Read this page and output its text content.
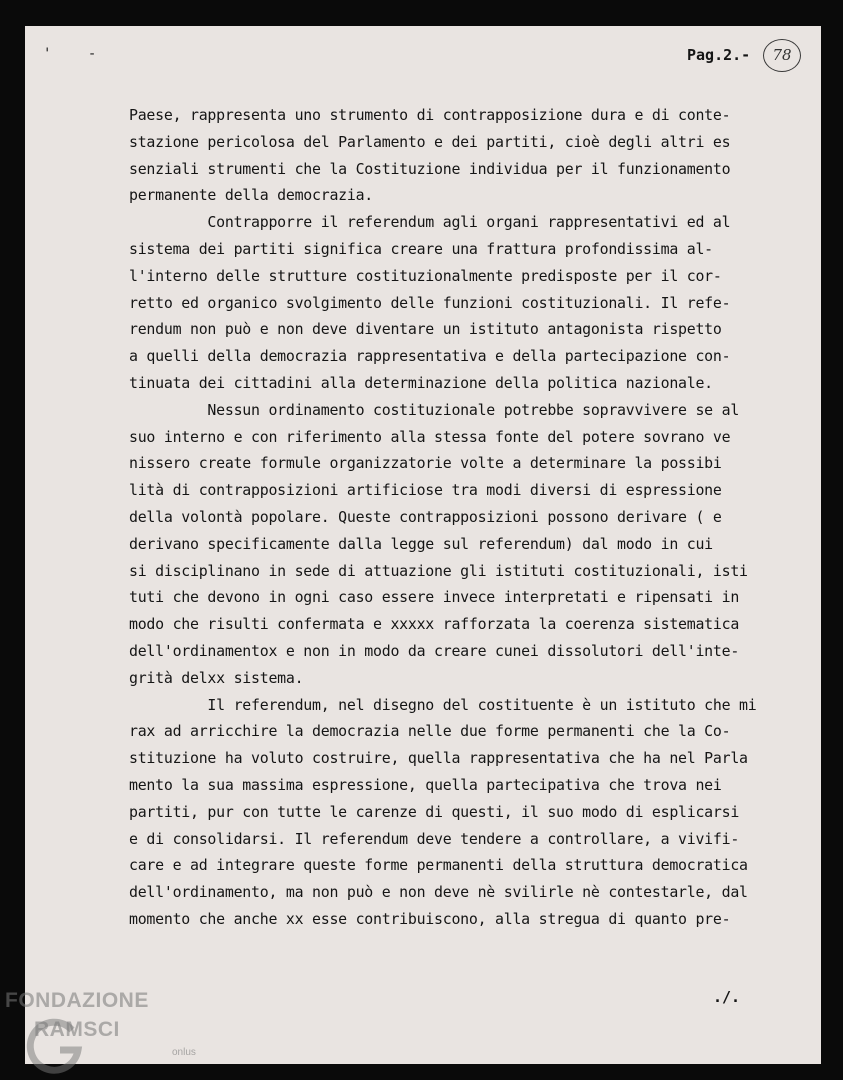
' -	Pag.2.-	78
Paese, rappresenta uno strumento di contrapposizione dura e di conte-
stazione pericolosa del Parlamento e dei partiti, cioè degli altri es
senziali strumenti che la Costituzione individua per il funzionamento
permanente della democrazia.
Contrapporre il referendum agli organi rappresentativi ed al
sistema dei partiti significa creare una frattura profondissima al-
l'interno delle strutture costituzionalmente predisposte per il cor-
retto ed organico svolgimento delle funzioni costituzionali. Il refe-
rendum non può e non deve diventare un istituto antagonista rispetto
a quelli della democrazia rappresentativa e della partecipazione con-
tinuata dei cittadini alla determinazione della politica nazionale.
Nessun ordinamento costituzionale potrebbe sopravvivere se al
suo interno e con riferimento alla stessa fonte del potere sovrano ve
nissero create formule organizzatorie volte a determinare la possibi
lità di contrapposizioni artificiose tra modi diversi di espressione
della volontà popolare. Queste contrapposizioni possono derivare ( e
derivano specificamente dalla legge sul referendum) dal modo in cui
si disciplinano in sede di attuazione gli istituti costituzionali, isti
tuti che devono in ogni caso essere invece interpretati e ripensati in
modo che risulti confermata e xxxxx rafforzata la coerenza sistematica
dell'ordinamentox e non in modo da creare cunei dissolutori dell'inte-
grità delxx sistema.
Il referendum, nel disegno del costituente è un istituto che mi
rax ad arricchire la democrazia nelle due forme permanenti che la Co-
stituzione ha voluto costruire, quella rappresentativa che ha nel Parla
mento la sua massima espressione, quella partecipativa che trova nei
partiti, pur con tutte le carenze di questi, il suo modo di esplicarsi
e di consolidarsi. Il referendum deve tendere a controllare, a vivifi-
care e ad integrare queste forme permanenti della struttura democratica
dell'ordinamento, ma non può e non deve nè svilirle nè contestarle, dal
momento che anche xx esse contribuiscono, alla stregua di quanto pre-
./.
FONDAZIONE
RAMSCI
onlus
